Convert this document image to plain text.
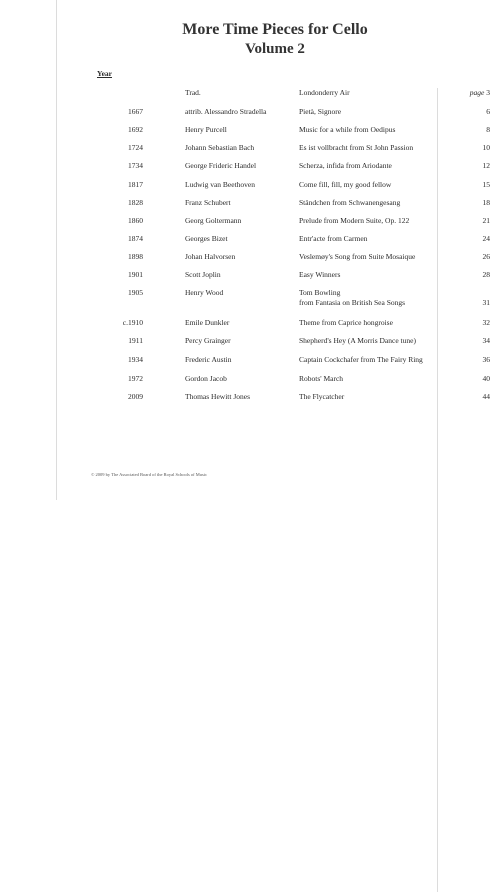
More Time Pieces for Cello
Volume 2
Year
Trad.	Londonderry Air	page 3
1667	attrib. Alessandro Stradella	Pietà, Signore	6
1692	Henry Purcell	Music for a while from Oedipus	8
1724	Johann Sebastian Bach	Es ist vollbracht from St John Passion	10
1734	George Frideric Handel	Scherza, infida from Ariodante	12
1817	Ludwig van Beethoven	Come fill, fill, my good fellow	15
1828	Franz Schubert	Ständchen from Schwanengesang	18
1860	Georg Goltermann	Prelude from Modern Suite, Op. 122	21
1874	Georges Bizet	Entr'acte from Carmen	24
1898	Johan Halvorsen	Veslemøy's Song from Suite Mosaique	26
1901	Scott Joplin	Easy Winners	28
1905	Henry Wood	Tom Bowling
from Fantasia on British Sea Songs	31
c.1910	Emile Dunkler	Theme from Caprice hongroise	32
1911	Percy Grainger	Shepherd's Hey (A Morris Dance tune)	34
1934	Frederic Austin	Captain Cockchafer from The Fairy Ring	36
1972	Gordon Jacob	Robots' March	40
2009	Thomas Hewitt Jones	The Flycatcher	44
© 2009 by The Associated Board of the Royal Schools of Music
